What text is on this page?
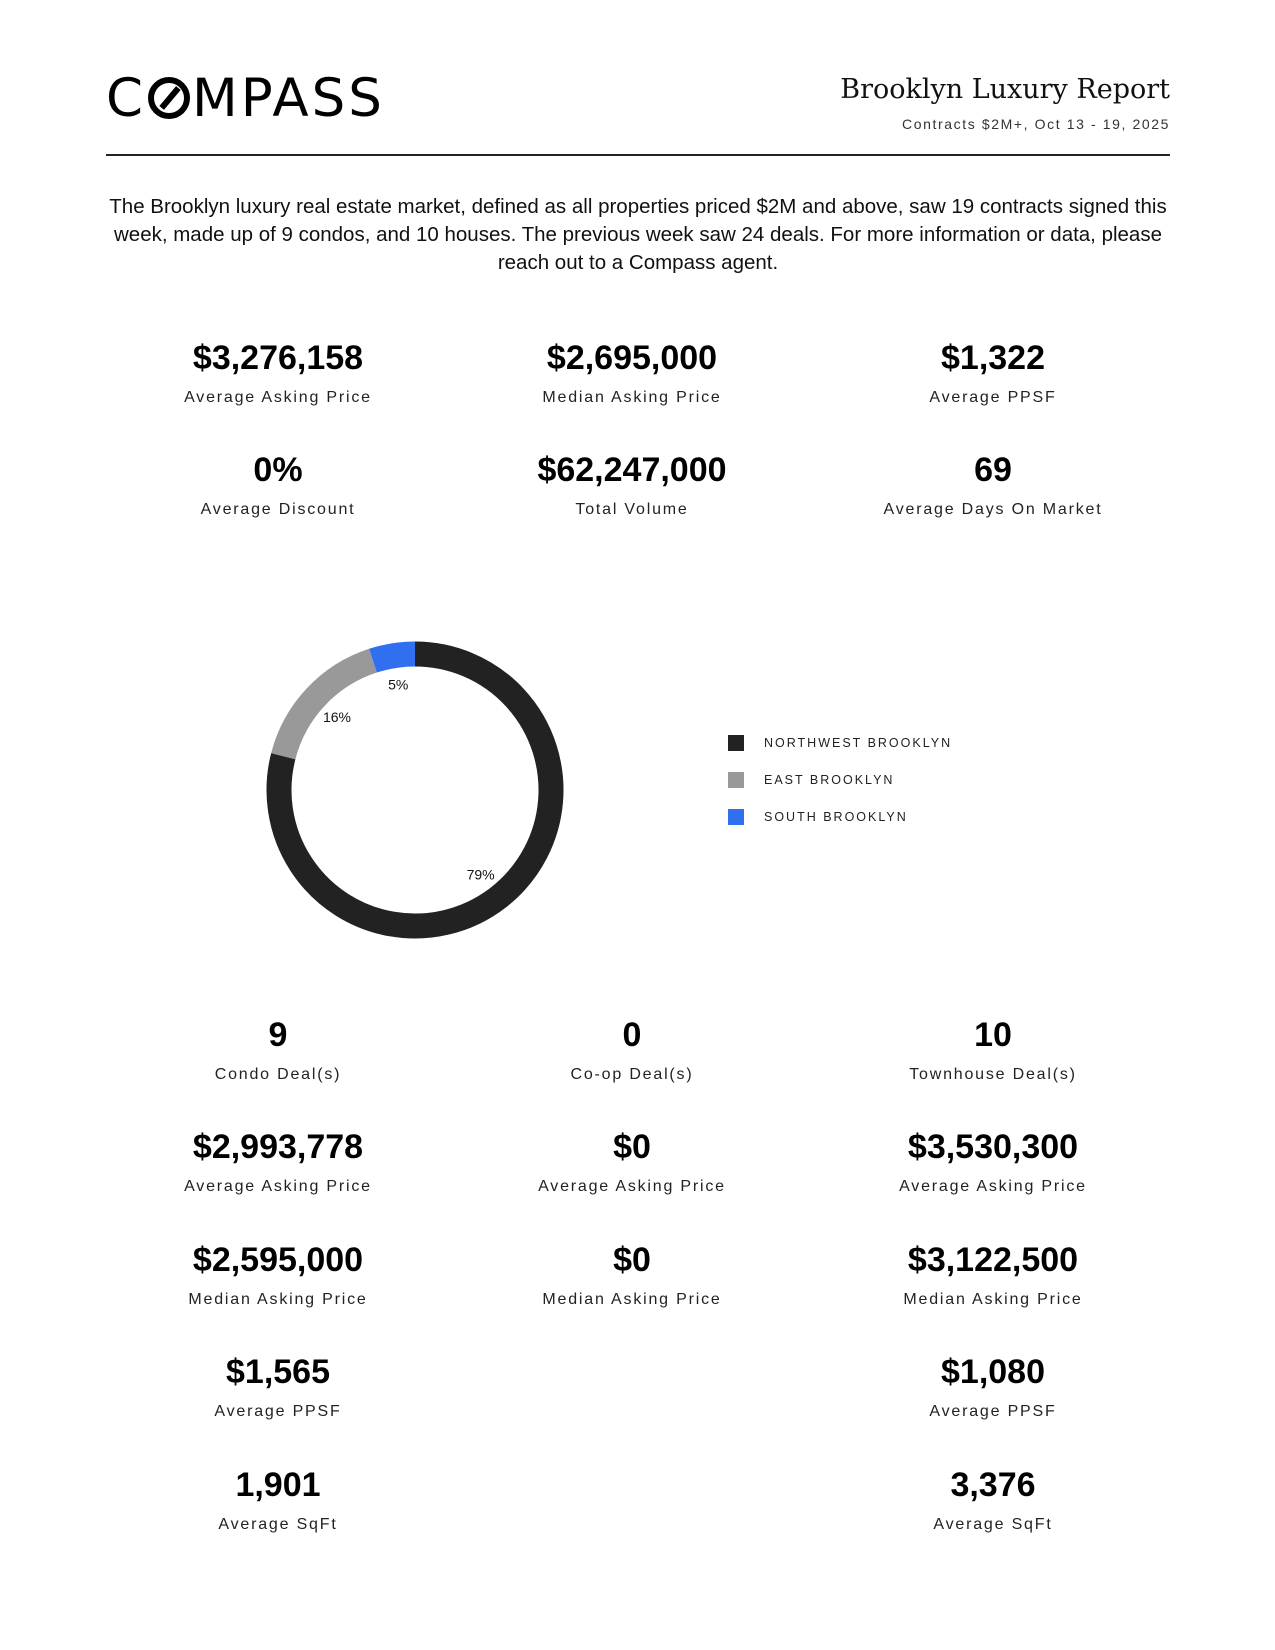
C MPASS	Brooklyn Luxury Report
Contracts $2M+, Oct 13 - 19, 2025
The Brooklyn luxury real estate market, defined as all properties priced $2M and above, saw 19 contracts signed this week, made up of 9 condos, and 10 houses. The previous week saw 24 deals. For more information or data, please reach out to a Compass agent.
$3,276,158
Average Asking Price
$2,695,000
Median Asking Price
$1,322
Average PPSF
0%
Average Discount
$62,247,000
Total Volume
69
Average Days On Market
79%
16%
5%
NORTHWEST BROOKLYN
EAST BROOKLYN
SOUTH BROOKLYN
9
Condo Deal(s)
$2,993,778
Average Asking Price
$2,595,000
Median Asking Price
$1,565
Average PPSF
1,901
Average SqFt
0
Co-op Deal(s)
$0
Average Asking Price
$0
Median Asking Price
10
Townhouse Deal(s)
$3,530,300
Average Asking Price
$3,122,500
Median Asking Price
$1,080
Average PPSF
3,376
Average SqFt
